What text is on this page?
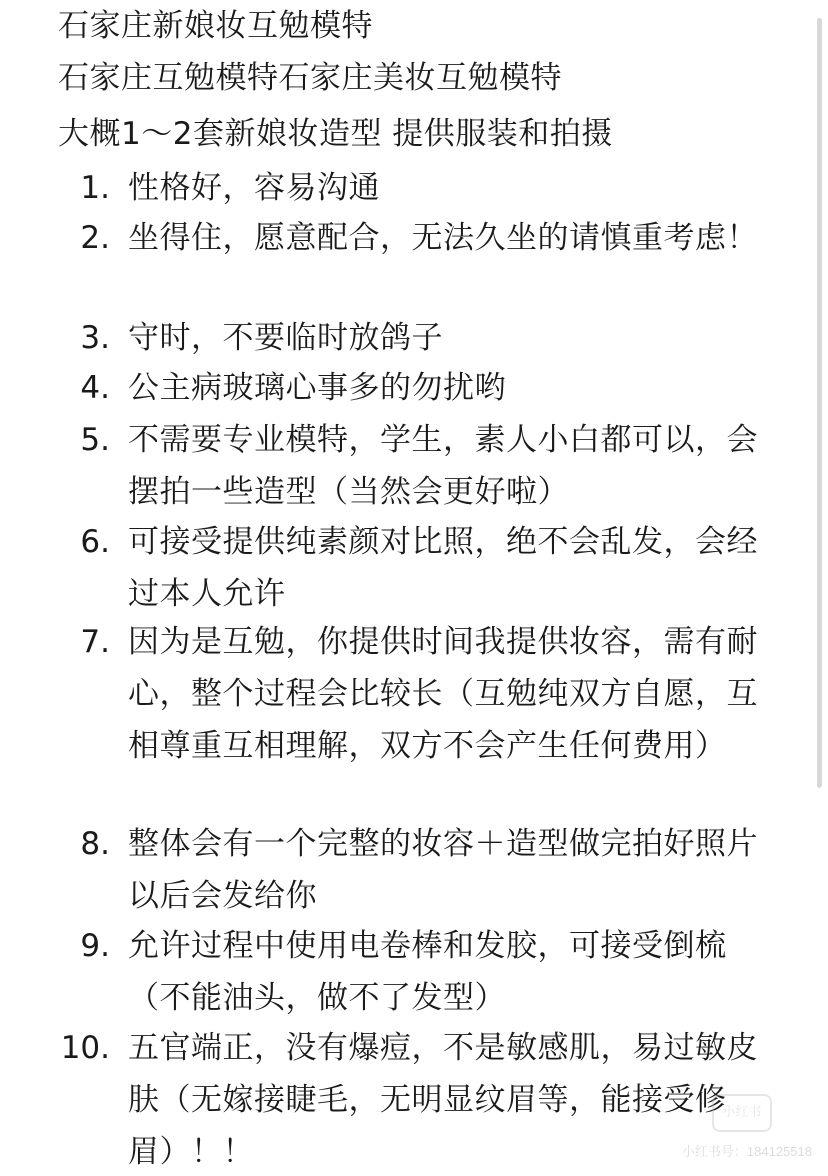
石家庄新娘妆互勉模特
石家庄互勉模特石家庄美妆互勉模特
大概1～2套新娘妆造型 提供服装和拍摄
1. 性格好，容易沟通
2. 坐得住，愿意配合，无法久坐的请慎重考虑！
3. 守时，不要临时放鸽子
4. 公主病玻璃心事多的勿扰哟
5. 不需要专业模特，学生，素人小白都可以，会摆拍一些造型（当然会更好啦）
6. 可接受提供纯素颜对比照，绝不会乱发，会经过本人允许
7. 因为是互勉，你提供时间我提供妆容，需有耐心，整个过程会比较长（互勉纯双方自愿，互相尊重互相理解，双方不会产生任何费用）
8. 整体会有一个完整的妆容＋造型做完拍好照片以后会发给你
9. 允许过程中使用电卷棒和发胶，可接受倒梳（不能油头，做不了发型）
10. 五官端正，没有爆痘，不是敏感肌，易过敏皮肤（无嫁接睫毛，无明显纹眉等，能接受修眉）！！
小红书
小红书号：184125518
